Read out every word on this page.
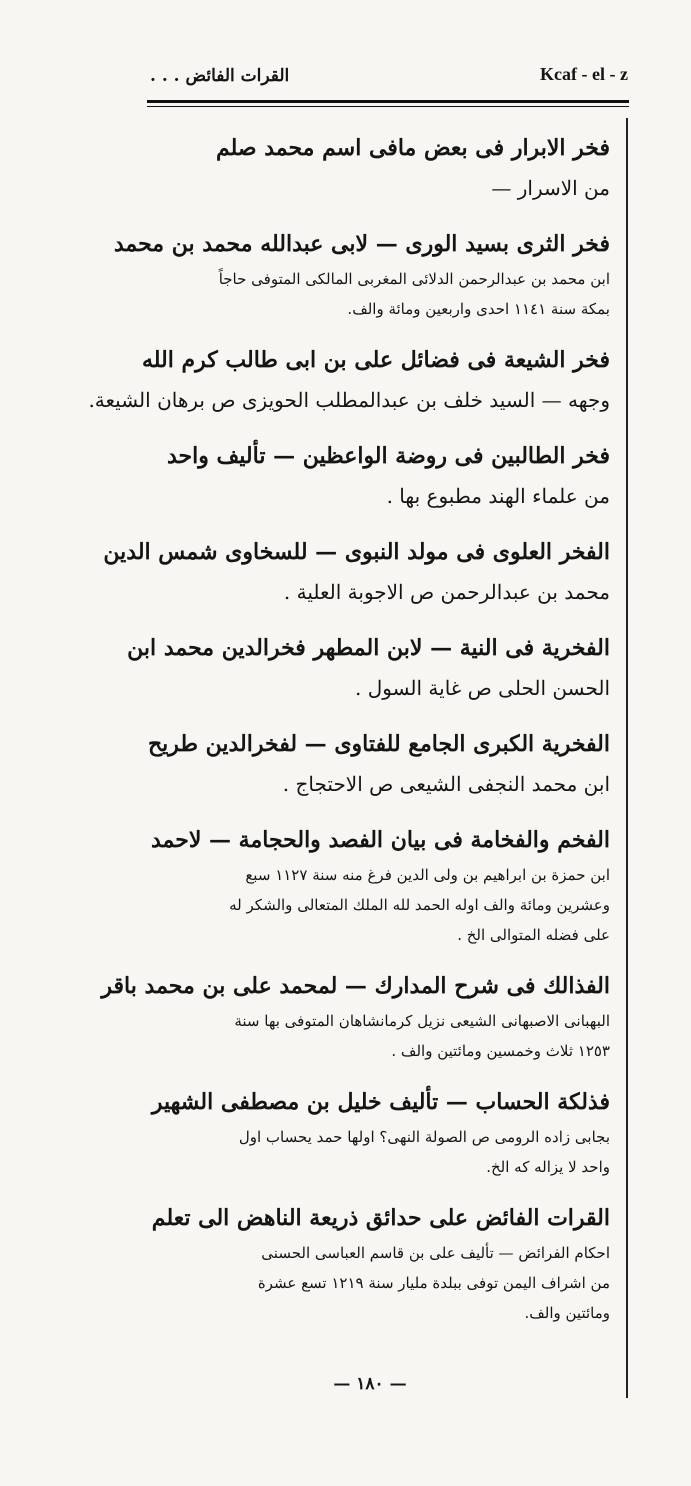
القرات الفائض . . .	Kcaf - el - z
فخر الابرار فى بعض مافى اسم محمد صلم
من الاسرار —
فخر الثرى بسيد الورى — لابى عبدالله محمد بن محمد
ابن محمد بن عبدالرحمن الدلائى المغربى المالكى المتوفى حاجاً
بمكة سنة ١١٤١ احدى واربعين ومائة والف.
فخر الشيعة فى فضائل على بن ابى طالب كرم الله
وجهه — السيد خلف بن عبدالمطلب الحويزى ص برهان الشيعة.
فخر الطالبين فى روضة الواعظين — تأليف واحد
من علماء الهند مطبوع بها .
الفخر العلوى فى مولد النبوى — للسخاوى شمس الدين
محمد بن عبدالرحمن ص الاجوبة العلية .
الفخرية فى النية — لابن المطهر فخرالدين محمد ابن
الحسن الحلى ص غاية السول .
الفخرية الكبرى الجامع للفتاوى — لفخرالدين طريح
ابن محمد النجفى الشيعى ص الاحتجاج .
الفخم والفخامة فى بيان الفصد والحجامة — لاحمد
ابن حمزة بن ابراهيم بن ولى الدين فرغ منه سنة ١١٢٧ سبع
وعشرين ومائة والف اوله الحمد لله الملك المتعالى والشكر له
على فضله المتوالى الخ .
الفذالك فى شرح المدارك — لمحمد على بن محمد باقر
البهبانى الاصبهانى الشيعى نزيل كرمانشاهان المتوفى بها سنة
١٢٥٣ ثلاث وخمسين ومائتين والف .
فذلكة الحساب — تأليف خليل بن مصطفى الشهير
بجابى زاده الرومى ص الصولة النهى؟ اولها حمد يحساب اول
واحد لا يزاله كه الخ.
القرات الفائض على حدائق ذريعة الناهض الى تعلم
احكام الفرائض — تأليف على بن قاسم العباسى الحسنى
من اشراف اليمن توفى ببلدة مليار سنة ١٢١٩ تسع عشرة
ومائتين والف.
— ١٨٠ —
